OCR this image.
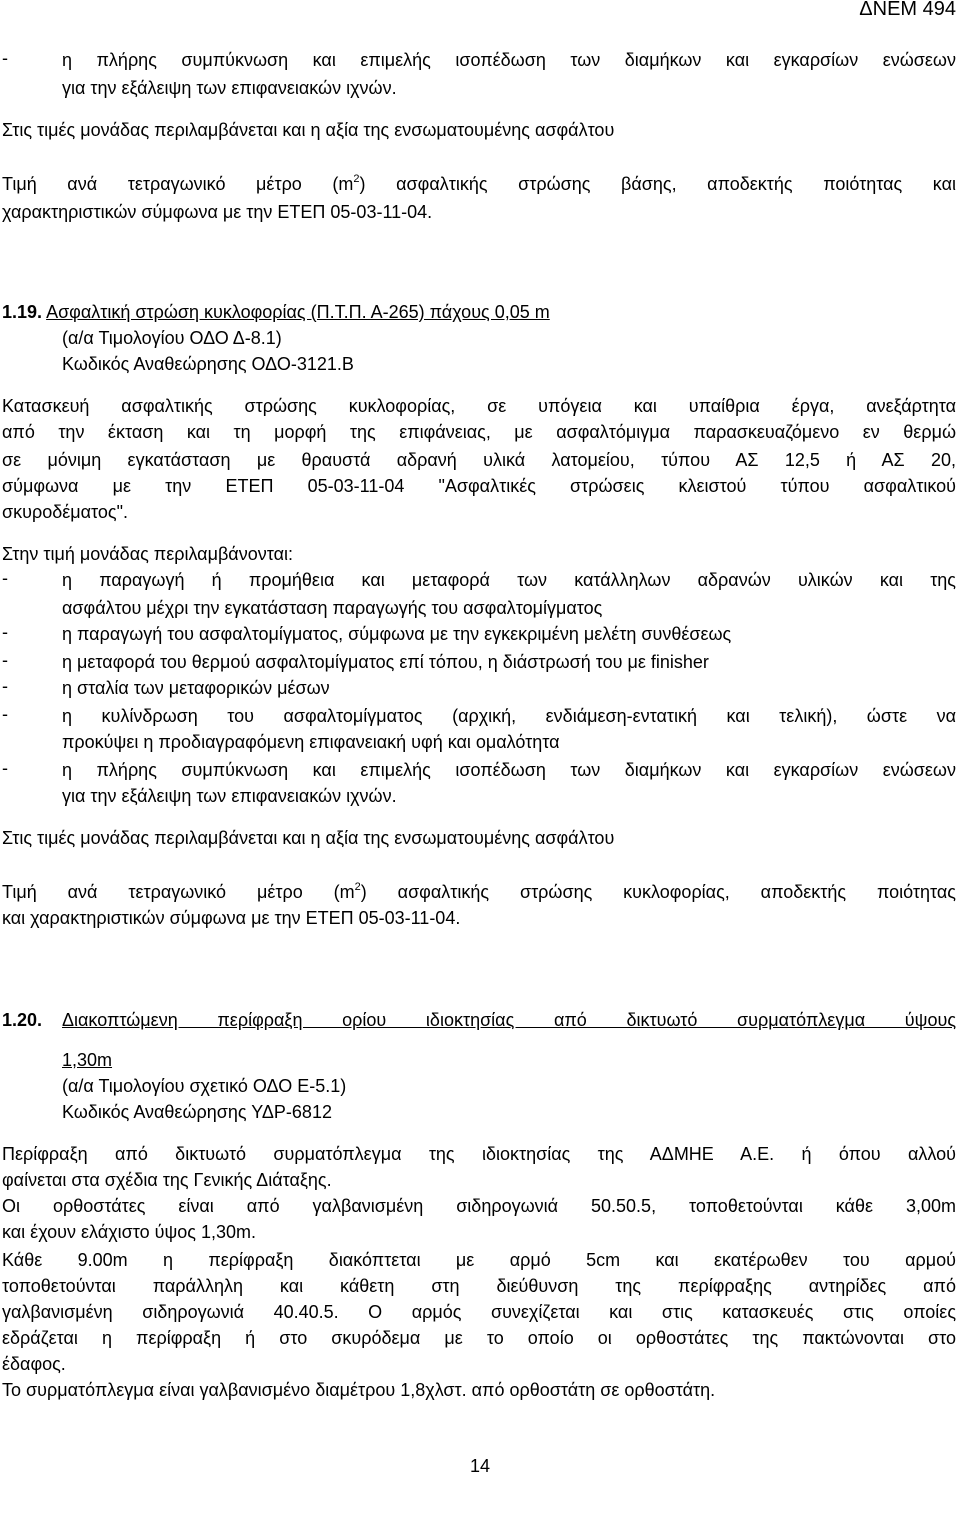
ΔΝΕΜ 494
-	η πλήρης συμπύκνωση και επιμελής ισοπέδωση των διαμήκων και εγκαρσίων ενώσεων
για την εξάλειψη των επιφανειακών ιχνών.
Στις τιμές μονάδας περιλαμβάνεται και η αξία της ενσωματουμένης ασφάλτου
Τιμή ανά τετραγωνικό μέτρο $(m^2)$ ασφαλτικής στρώσης βάσης, αποδεκτής ποιότητας και
χαρακτηριστικών σύμφωνα με την ΕΤΕΠ 05-03-11-04.
1.19. Ασφαλτική στρώση κυκλοφορίας (Π.Τ.Π. Α-265) πάχους 0,05 m
(α/α Τιμολογίου ΟΔΟ Δ-8.1)
Κωδικός Αναθεώρησης ΟΔΟ-3121.Β
Κατασκευή ασφαλτικής στρώσης κυκλοφορίας, σε υπόγεια και υπαίθρια έργα, ανεξάρτητα
από την έκταση και τη μορφή της επιφάνειας, με ασφαλτόμιγμα παρασκευαζόμενο εν θερμώ
σε μόνιμη εγκατάσταση με θραυστά αδρανή υλικά λατομείου, τύπου ΑΣ 12,5 ή ΑΣ 20,
σύμφωνα με την ΕΤΕΠ 05-03-11-04 "Ασφαλτικές στρώσεις κλειστού τύπου ασφαλτικού
σκυροδέματος".
Στην τιμή μονάδας περιλαμβάνονται:
-	η παραγωγή ή προμήθεια και μεταφορά των κατάλληλων αδρανών υλικών και της
ασφάλτου μέχρι την εγκατάσταση παραγωγής του ασφαλτομίγματος
-	η παραγωγή του ασφαλτομίγματος, σύμφωνα με την εγκεκριμένη μελέτη συνθέσεως
-	η μεταφορά του θερμού ασφαλτομίγματος επί τόπου, η διάστρωσή του με finisher
-	η σταλία των μεταφορικών μέσων
-	η κυλίνδρωση του ασφαλτομίγματος (αρχική, ενδιάμεση-εντατική και τελική), ώστε να
προκύψει η προδιαγραφόμενη επιφανειακή υφή και ομαλότητα
-	η πλήρης συμπύκνωση και επιμελής ισοπέδωση των διαμήκων και εγκαρσίων ενώσεων
για την εξάλειψη των επιφανειακών ιχνών.
Στις τιμές μονάδας περιλαμβάνεται και η αξία της ενσωματουμένης ασφάλτου
Τιμή ανά τετραγωνικό μέτρο $(m^2)$ ασφαλτικής στρώσης κυκλοφορίας, αποδεκτής ποιότητας
και χαρακτηριστικών σύμφωνα με την ΕΤΕΠ 05-03-11-04.
1.20. Διακοπτώμενη περίφραξη ορίου ιδιοκτησίας από δικτυωτό συρματόπλεγμα ύψους
1,30m
(α/α Τιμολογίου σχετικό ΟΔΟ Ε-5.1)
Κωδικός Αναθεώρησης ΥΔΡ-6812
Περίφραξη από δικτυωτό συρματόπλεγμα της ιδιοκτησίας της ΑΔΜΗΕ Α.Ε. ή όπου αλλού
φαίνεται στα σχέδια της Γενικής Διάταξης.
Οι ορθοστάτες είναι από γαλβανισμένη σιδηρογωνιά 50.50.5, τοποθετούνται κάθε 3,00m
και έχουν ελάχιστο ύψος 1,30m.
Κάθε 9.00m η περίφραξη διακόπτεται με αρμό 5cm και εκατέρωθεν του αρμού
τοποθετούνται παράλληλη και κάθετη στη διεύθυνση της περίφραξης αντηρίδες από
γαλβανισμένη σιδηρογωνιά 40.40.5. Ο αρμός συνεχίζεται και στις κατασκευές στις οποίες
εδράζεται η περίφραξη ή στο σκυρόδεμα με το οποίο οι ορθοστάτες της πακτώνονται στο
έδαφος.
Το συρματόπλεγμα είναι γαλβανισμένο διαμέτρου 1,8χλστ. από ορθοστάτη σε ορθοστάτη.
14
